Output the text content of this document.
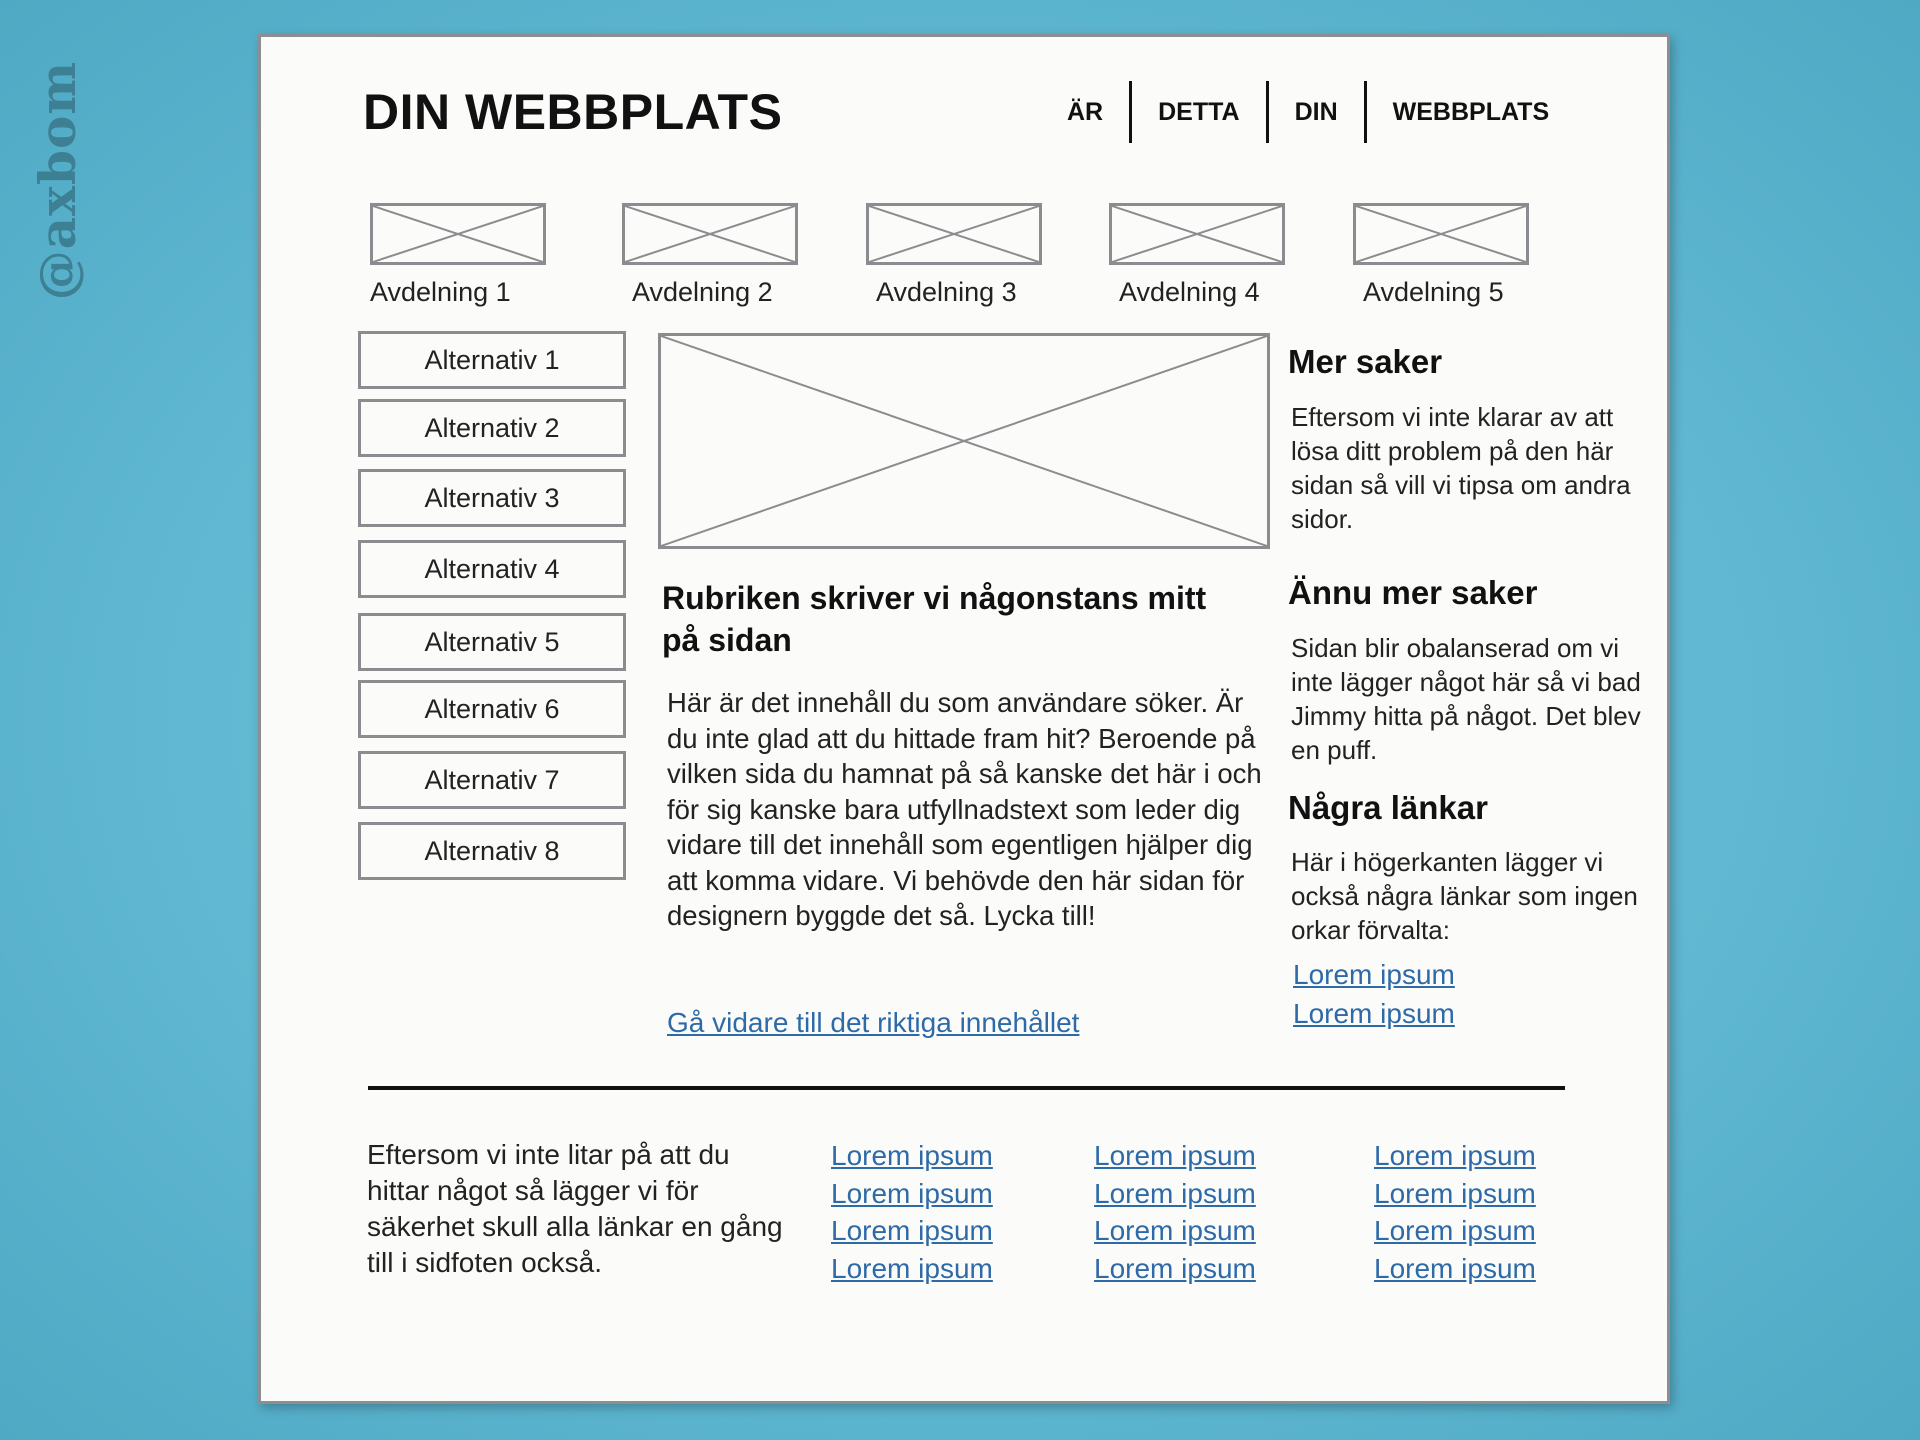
@axbom	DIN WEBBPLATS	ÄR	DETTA	DIN	WEBBPLATS
Avdelning 1	Avdelning 2	Avdelning 3	Avdelning 4	Avdelning 5
Alternativ 1
Alternativ 2
Alternativ 3
Alternativ 4
Alternativ 5
Alternativ 6
Alternativ 7
Alternativ 8
Rubriken skriver vi någonstans mitt på sidan

Här är det innehåll du som användare söker. Är du inte glad att du hittade fram hit? Beroende på vilken sida du hamnat på så kanske det här i och för sig kanske bara utfyllnadstext som leder dig vidare till det innehåll som egentligen hjälper dig att komma vidare. Vi behövde den här sidan för designern byggde det så. Lycka till!

Gå vidare till det riktiga innehållet
Mer saker

Eftersom vi inte klarar av att lösa ditt problem på den här sidan så vill vi tipsa om andra sidor.

Ännu mer saker

Sidan blir obalanserad om vi inte lägger något här så vi bad Jimmy hitta på något. Det blev en puff.

Några länkar

Här i högerkanten lägger vi också några länkar som ingen orkar förvalta:

Lorem ipsum
Lorem ipsum

Eftersom vi inte litar på att du hittar något så lägger vi för säkerhet skull alla länkar en gång till i sidfoten också.

Lorem ipsum
Lorem ipsum
Lorem ipsum
Lorem ipsum
Lorem ipsum
Lorem ipsum
Lorem ipsum
Lorem ipsum
Lorem ipsum
Lorem ipsum
Lorem ipsum
Lorem ipsum
